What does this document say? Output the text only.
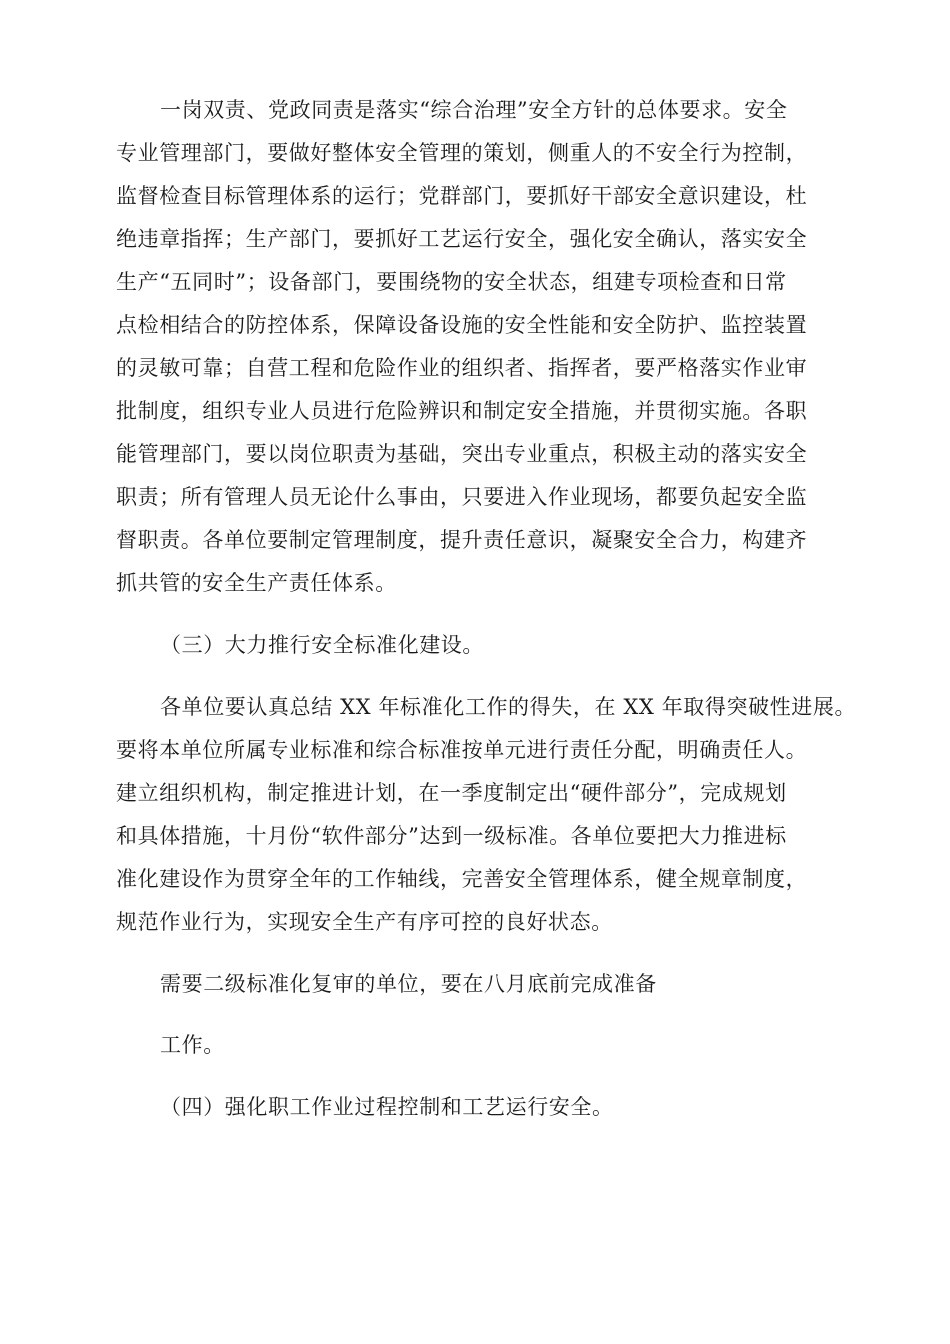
一岗双责、党政同责是落实“综合治理”安全方针的总体要求。安全
专业管理部门，要做好整体安全管理的策划，侧重人的不安全行为控制，
监督检查目标管理体系的运行；党群部门，要抓好干部安全意识建设，杜
绝违章指挥；生产部门，要抓好工艺运行安全，强化安全确认，落实安全
生产“五同时”；设备部门，要围绕物的安全状态，组建专项检查和日常
点检相结合的防控体系，保障设备设施的安全性能和安全防护、监控装置
的灵敏可靠；自营工程和危险作业的组织者、指挥者，要严格落实作业审
批制度，组织专业人员进行危险辨识和制定安全措施，并贯彻实施。各职
能管理部门，要以岗位职责为基础，突出专业重点，积极主动的落实安全
职责；所有管理人员无论什么事由，只要进入作业现场，都要负起安全监
督职责。各单位要制定管理制度，提升责任意识，凝聚安全合力，构建齐
抓共管的安全生产责任体系。
（三）大力推行安全标准化建设。
各单位要认真总结 XX 年标准化工作的得失，在 XX 年取得突破性进展。
要将本单位所属专业标准和综合标准按单元进行责任分配，明确责任人。
建立组织机构，制定推进计划，在一季度制定出“硬件部分”，完成规划
和具体措施，十月份“软件部分”达到一级标准。各单位要把大力推进标
准化建设作为贯穿全年的工作轴线，完善安全管理体系，健全规章制度，
规范作业行为，实现安全生产有序可控的良好状态。
需要二级标准化复审的单位，要在八月底前完成准备
工作。
（四）强化职工作业过程控制和工艺运行安全。
